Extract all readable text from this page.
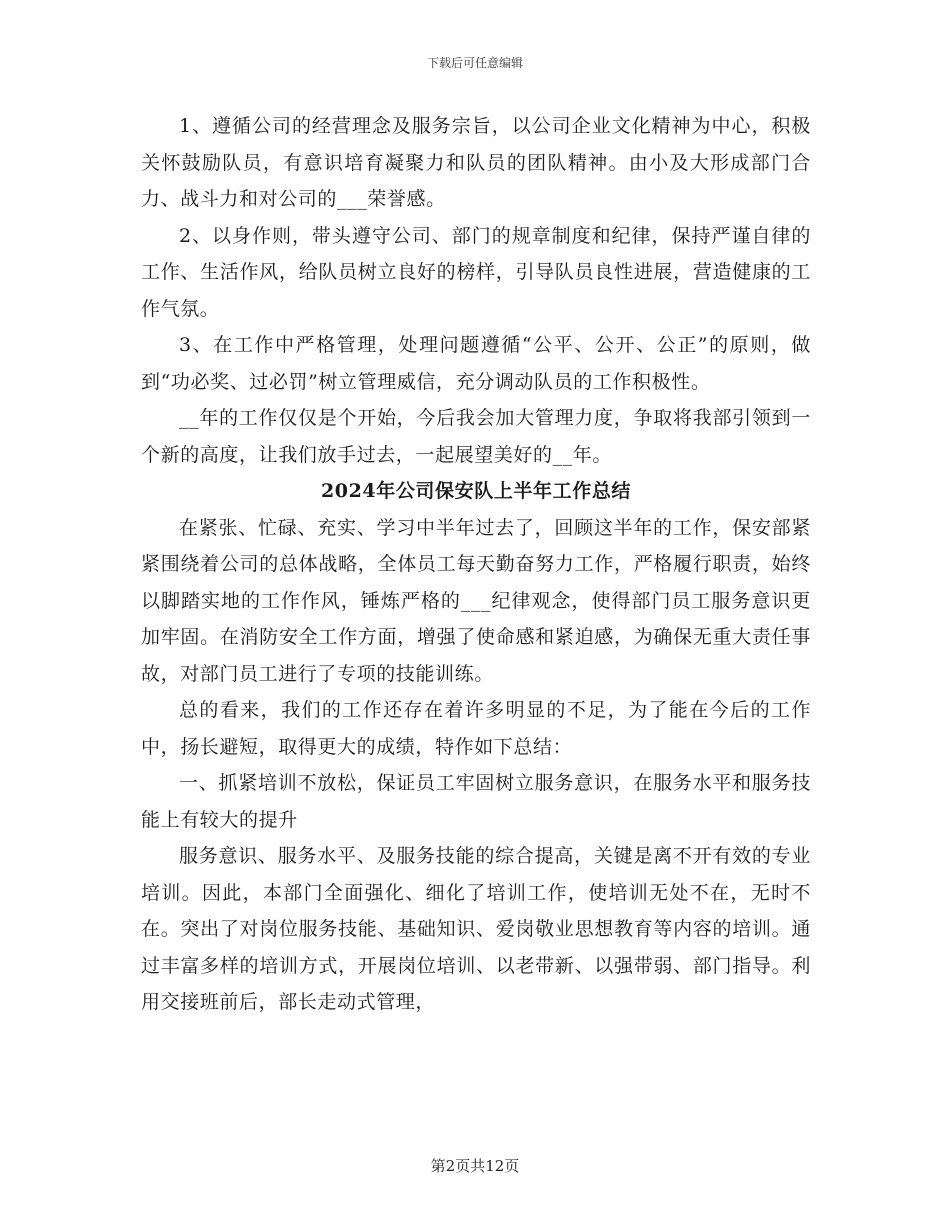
下载后可任意编辑

1、遵循公司的经营理念及服务宗旨，以公司企业文化精神为中心，积极关怀鼓励队员，有意识培育凝聚力和队员的团队精神。由小及大形成部门合力、战斗力和对公司的___荣誉感。

2、以身作则，带头遵守公司、部门的规章制度和纪律，保持严谨自律的工作、生活作风，给队员树立良好的榜样，引导队员良性进展，营造健康的工作气氛。

3、在工作中严格管理，处理问题遵循“公平、公开、公正”的原则，做到“功必奖、过必罚”树立管理威信，充分调动队员的工作积极性。

__年的工作仅仅是个开始，今后我会加大管理力度，争取将我部引领到一个新的高度，让我们放手过去，一起展望美好的__年。

2024年公司保安队上半年工作总结

在紧张、忙碌、充实、学习中半年过去了，回顾这半年的工作，保安部紧紧围绕着公司的总体战略，全体员工每天勤奋努力工作，严格履行职责，始终以脚踏实地的工作作风，锤炼严格的___纪律观念，使得部门员工服务意识更加牢固。在消防安全工作方面，增强了使命感和紧迫感，为确保无重大责任事故，对部门员工进行了专项的技能训练。

总的看来，我们的工作还存在着许多明显的不足，为了能在今后的工作中，扬长避短，取得更大的成绩，特作如下总结：

一、抓紧培训不放松，保证员工牢固树立服务意识，在服务水平和服务技能上有较大的提升

服务意识、服务水平、及服务技能的综合提高，关键是离不开有效的专业培训。因此，本部门全面强化、细化了培训工作，使培训无处不在，无时不在。突出了对岗位服务技能、基础知识、爱岗敬业思想教育等内容的培训。通过丰富多样的培训方式，开展岗位培训、以老带新、以强带弱、部门指导。利用交接班前后，部长走动式管理，

第2页共12页
